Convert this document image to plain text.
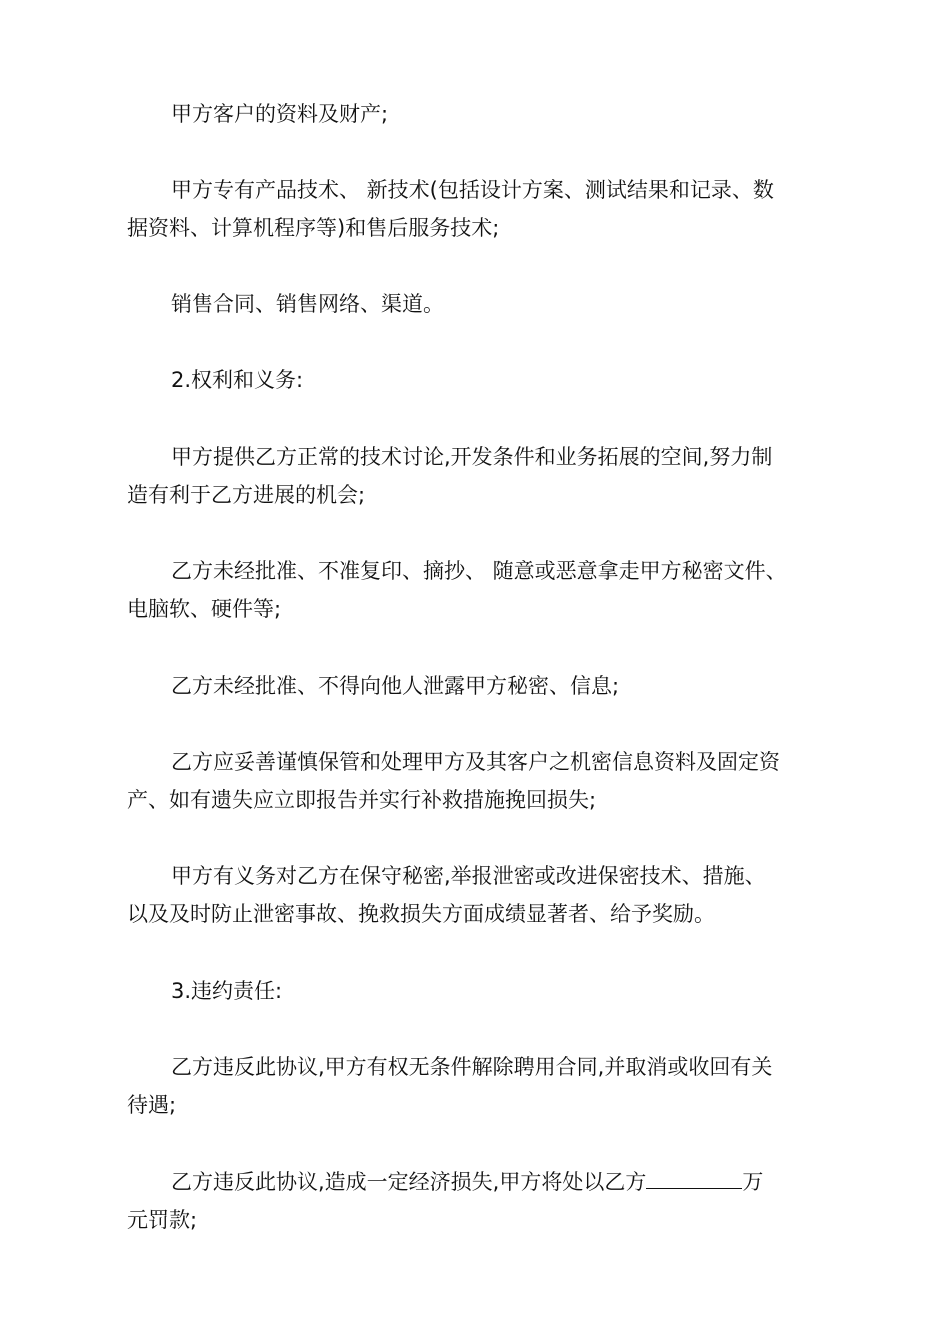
甲方客户的资料及财产;

甲方专有产品技术、 新技术(包括设计方案、测试结果和记录、数
据资料、计算机程序等)和售后服务技术;

销售合同、销售网络、渠道。

2.权利和义务:

甲方提供乙方正常的技术讨论,开发条件和业务拓展的空间,努力制
造有利于乙方进展的机会;

乙方未经批准、不准复印、摘抄、 随意或恶意拿走甲方秘密文件、
电脑软、硬件等;

乙方未经批准、不得向他人泄露甲方秘密、信息;

乙方应妥善谨慎保管和处理甲方及其客户之机密信息资料及固定资
产、如有遗失应立即报告并实行补救措施挽回损失;

甲方有义务对乙方在保守秘密,举报泄密或改进保密技术、措施、
以及及时防止泄密事故、挽救损失方面成绩显著者、给予奖励。

3.违约责任:

乙方违反此协议,甲方有权无条件解除聘用合同,并取消或收回有关
待遇;

乙方违反此协议,造成一定经济损失,甲方将处以乙方	万
元罚款;
